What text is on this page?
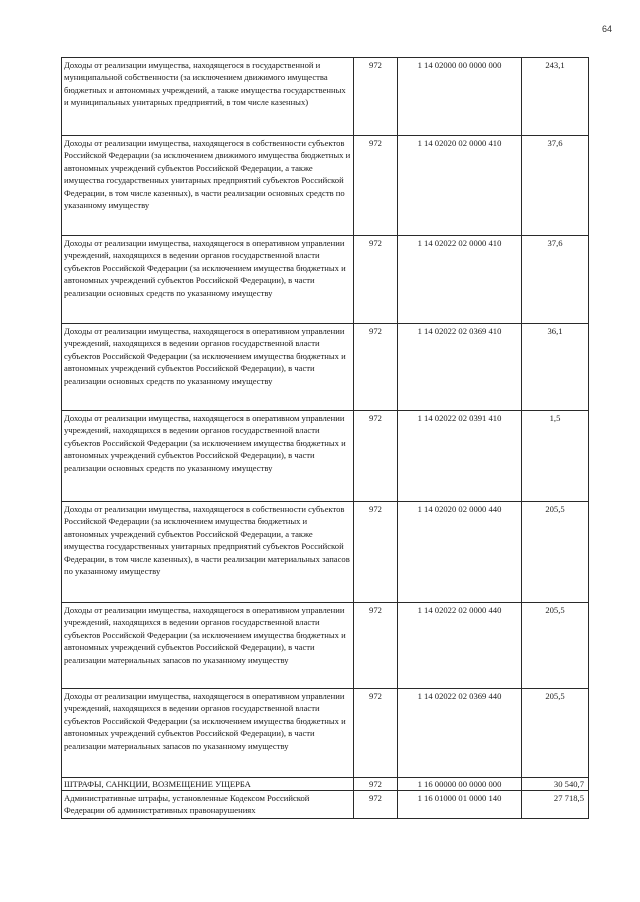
64
Доходы от реализации имущества, находящегося в государственной и муниципальной собственности (за исключением движимого имущества бюджетных и автономных учреждений, а также имущества государственных и муниципальных унитарных предприятий, в том числе казенных)	972	1 14 02000 00 0000 000	243,1
Доходы от реализации имущества, находящегося в собственности субъектов Российской Федерации (за исключением движимого имущества бюджетных и автономных учреждений субъектов Российской Федерации, а также имущества государственных унитарных предприятий субъектов Российской Федерации, в том числе казенных), в части реализации основных средств по указанному имуществу	972	1 14 02020 02 0000 410	37,6
Доходы от реализации имущества, находящегося в оперативном управлении учреждений, находящихся в ведении органов государственной власти субъектов Российской Федерации (за исключением имущества бюджетных и автономных учреждений субъектов Российской Федерации), в части реализации основных средств по указанному имуществу	972	1 14 02022 02 0000 410	37,6
Доходы от реализации имущества, находящегося в оперативном управлении учреждений, находящихся в ведении органов государственной власти субъектов Российской Федерации (за исключением имущества бюджетных и автономных учреждений субъектов Российской Федерации), в части реализации основных средств по указанному имуществу	972	1 14 02022 02 0369 410	36,1
Доходы от реализации имущества, находящегося в оперативном управлении учреждений, находящихся в ведении органов государственной власти субъектов Российской Федерации (за исключением имущества бюджетных и автономных учреждений субъектов Российской Федерации), в части реализации основных средств по указанному имуществу	972	1 14 02022 02 0391 410	1,5
Доходы от реализации имущества, находящегося в собственности субъектов Российской Федерации (за исключением имущества бюджетных и автономных учреждений субъектов Российской Федерации, а также имущества государственных унитарных предприятий субъектов Российской Федерации, в том числе казенных), в части реализации материальных запасов по указанному имуществу	972	1 14 02020 02 0000 440	205,5
Доходы от реализации имущества, находящегося в оперативном управлении учреждений, находящихся в ведении органов государственной власти субъектов Российской Федерации (за исключением имущества бюджетных и автономных учреждений субъектов Российской Федерации), в части реализации материальных запасов по указанному имуществу	972	1 14 02022 02 0000 440	205,5
Доходы от реализации имущества, находящегося в оперативном управлении учреждений, находящихся в ведении органов государственной власти субъектов Российской Федерации (за исключением имущества бюджетных и автономных учреждений субъектов Российской Федерации), в части реализации материальных запасов по указанному имуществу	972	1 14 02022 02 0369 440	205,5
ШТРАФЫ, САНКЦИИ, ВОЗМЕЩЕНИЕ УЩЕРБА	972	1 16 00000 00 0000 000	30 540,7
Административные штрафы, установленные Кодексом Российской Федерации об административных правонарушениях	972	1 16 01000 01 0000 140	27 718,5
